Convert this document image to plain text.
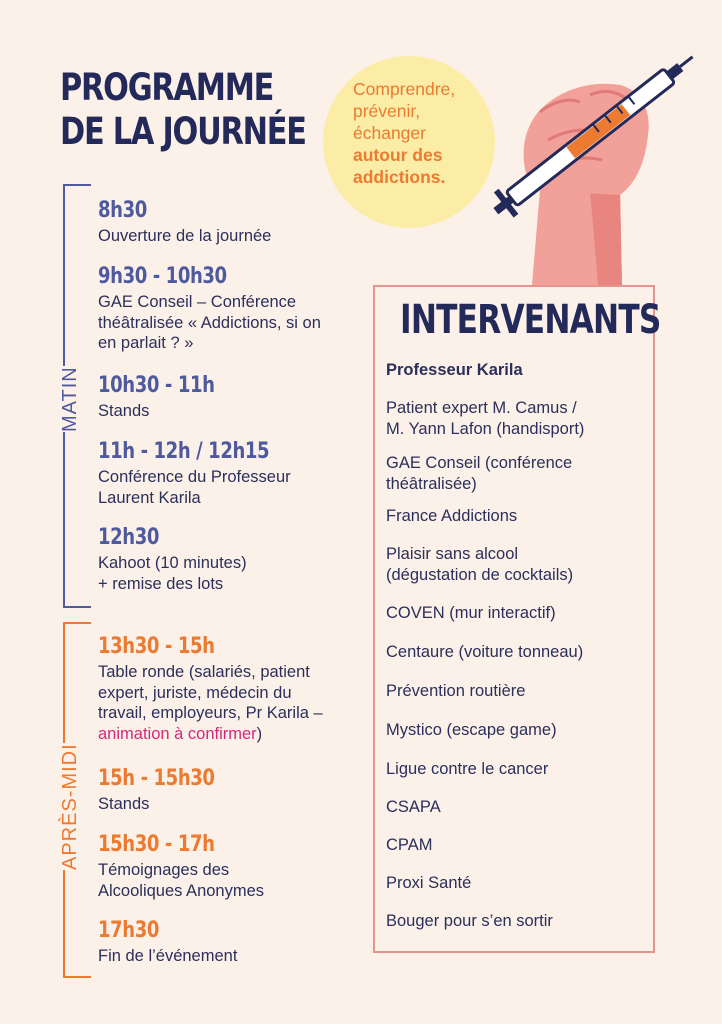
PROGRAMME
DE LA JOURNÉE
Comprendre,
prévenir,
échanger
autour des
addictions.
MATIN
APRÈS-MIDI
8h30
Ouverture de la journée
9h30 - 10h30
GAE Conseil – Conférence
théâtralisée « Addictions, si on
en parlait ? »
10h30 - 11h
Stands
11h - 12h / 12h15
Conférence du Professeur
Laurent Karila
12h30
Kahoot (10 minutes)
+ remise des lots
13h30 - 15h
Table ronde (salariés, patient
expert, juriste, médecin du
travail, employeurs, Pr Karila –
animation à confirmer)
15h - 15h30
Stands
15h30 - 17h
Témoignages des
Alcooliques Anonymes
17h30
Fin de l’événement
INTERVENANTS
Professeur Karila
Patient expert M. Camus /
M. Yann Lafon (handisport)
GAE Conseil (conférence
théâtralisée)
France Addictions
Plaisir sans alcool
(dégustation de cocktails)
COVEN (mur interactif)
Centaure (voiture tonneau)
Prévention routière
Mystico (escape game)
Ligue contre le cancer
CSAPA
CPAM
Proxi Santé
Bouger pour s’en sortir
